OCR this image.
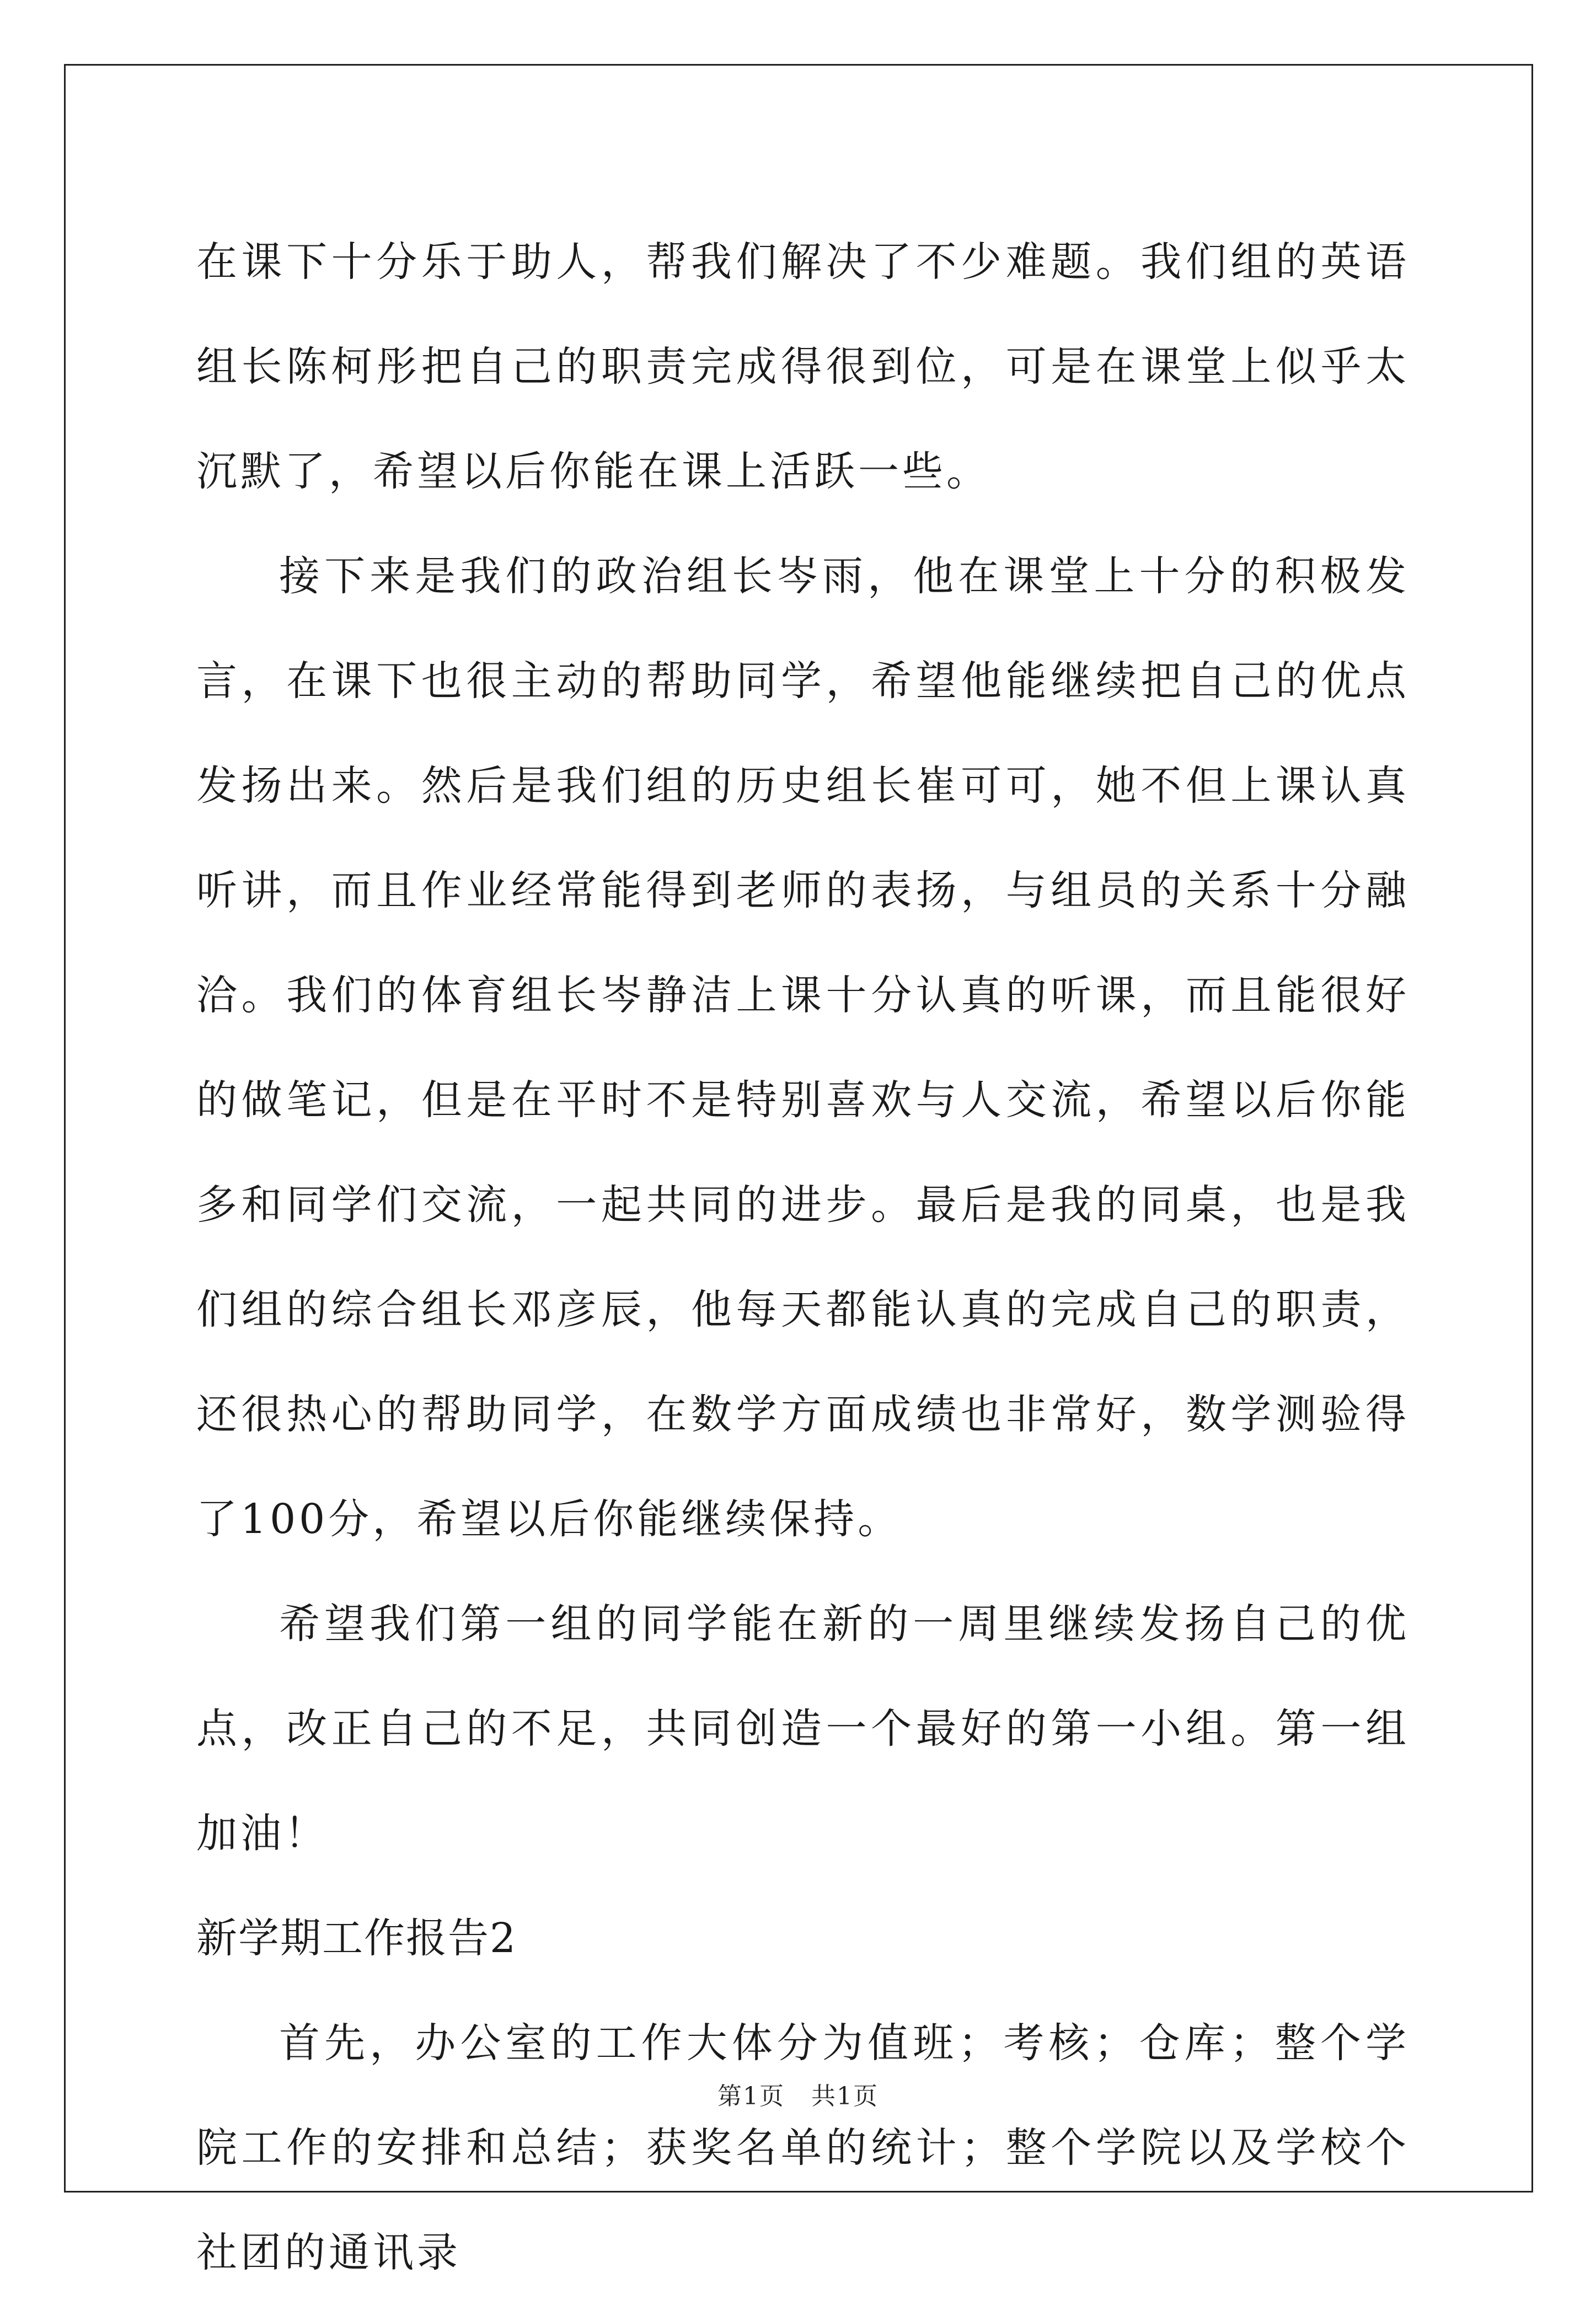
在课下十分乐于助人，帮我们解决了不少难题。我们组的英语组长陈柯彤把自己的职责完成得很到位，可是在课堂上似乎太沉默了，希望以后你能在课上活跃一些。

接下来是我们的政治组长岑雨，他在课堂上十分的积极发言，在课下也很主动的帮助同学，希望他能继续把自己的优点发扬出来。然后是我们组的历史组长崔可可，她不但上课认真听讲，而且作业经常能得到老师的表扬，与组员的关系十分融洽。我们的体育组长岑静洁上课十分认真的听课，而且能很好的做笔记，但是在平时不是特别喜欢与人交流，希望以后你能多和同学们交流，一起共同的进步。最后是我的同桌，也是我们组的综合组长邓彦辰，他每天都能认真的完成自己的职责，还很热心的帮助同学，在数学方面成绩也非常好，数学测验得了100分，希望以后你能继续保持。

希望我们第一组的同学能在新的一周里继续发扬自己的优点，改正自己的不足，共同创造一个最好的第一小组。第一组加油！

新学期工作报告2

首先，办公室的工作大体分为值班；考核；仓库；整个学院工作的安排和总结；获奖名单的统计；整个学院以及学校个社团的通讯录

第1页   共1页
